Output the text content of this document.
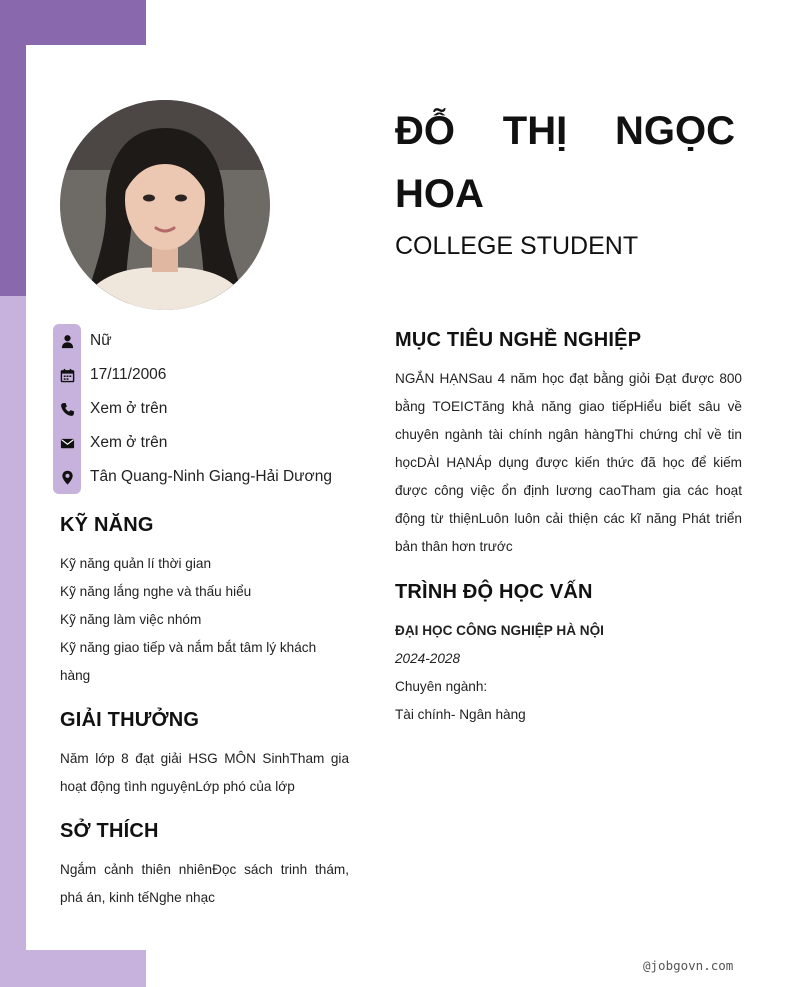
ĐỖ THỊ NGỌC HOA
COLLEGE STUDENT
Nữ
17/11/2006
Xem ở trên
Xem ở trên
Tân Quang-Ninh Giang-Hải Dương
KỸ NĂNG
Kỹ năng quản lí thời gian
Kỹ năng lắng nghe và thấu hiểu
Kỹ năng làm việc nhóm
Kỹ năng giao tiếp và nắm bắt tâm lý khách hàng
GIẢI THƯỞNG
Năm lớp 8 đạt giải HSG MÔN SinhTham gia hoạt động tình nguyệnLớp phó của lớp
SỞ THÍCH
Ngắm cảnh thiên nhiênĐọc sách trinh thám, phá án, kinh tếNghe nhạc
MỤC TIÊU NGHỀ NGHIỆP
NGẮN HẠNSau 4 năm học đạt bằng giỏi Đạt được 800 bằng TOEICTăng khả năng giao tiếpHiểu biết sâu về chuyên ngành tài chính ngân hàngThi chứng chỉ về tin họcDÀI HẠNÁp dụng được kiến thức đã học để kiếm được công việc ổn định lương caoTham gia các hoạt động từ thiệnLuôn luôn cải thiện các kĩ năng Phát triển bản thân hơn trước
TRÌNH ĐỘ HỌC VẤN
ĐẠI HỌC CÔNG NGHIỆP HÀ NỘI
2024-2028
Chuyên ngành:
Tài chính- Ngân hàng
@jobgovn.com
